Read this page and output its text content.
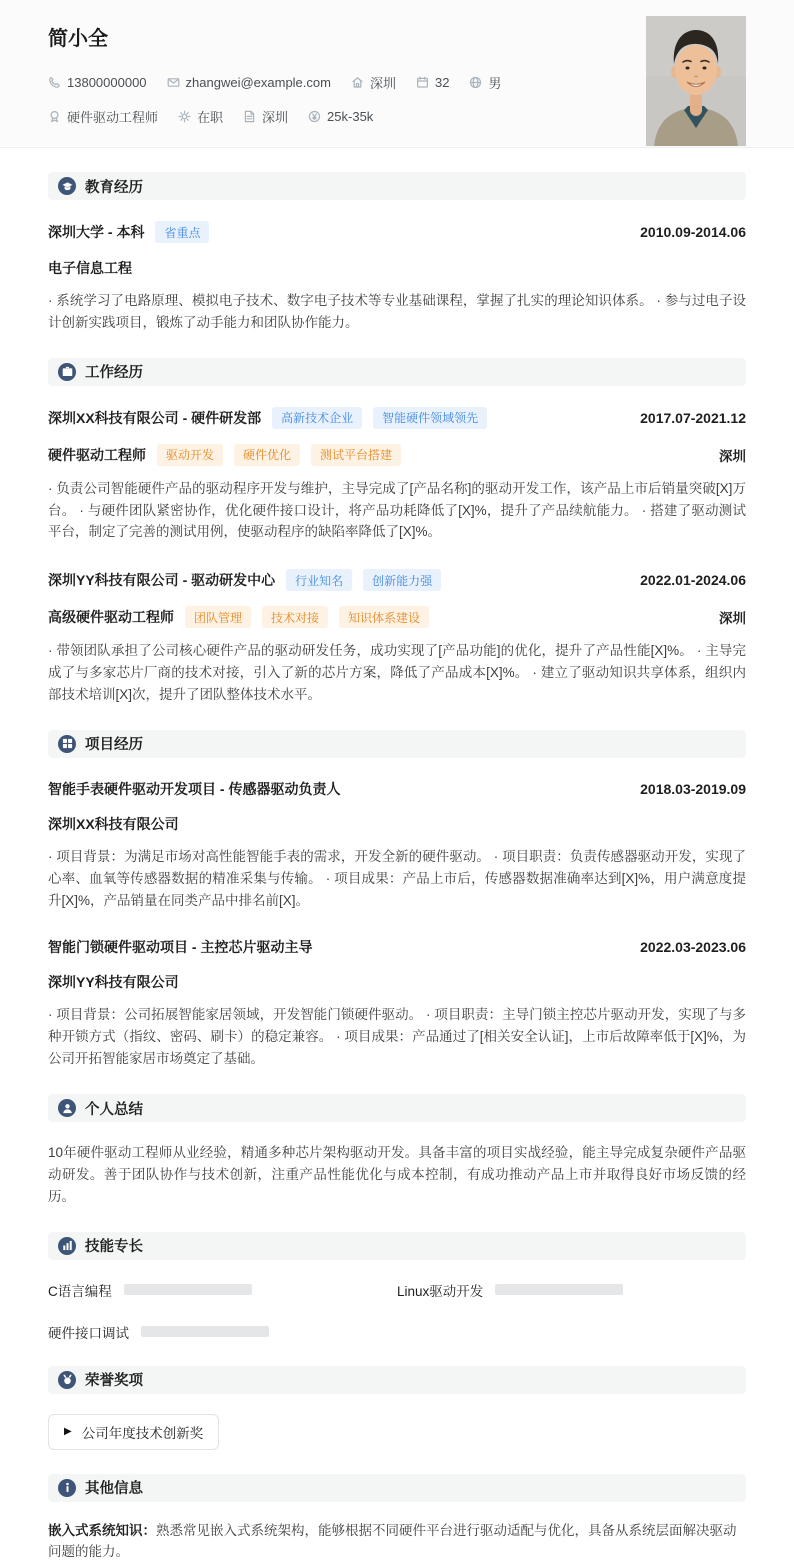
简小全
13800000000	zhangwei@example.com	深圳	32	男
硬件驱动工程师	在职	深圳	25k-35k
教育经历
深圳大学 - 本科	省重点	2010.09-2014.06
电子信息工程
· 系统学习了电路原理、模拟电子技术、数字电子技术等专业基础课程，掌握了扎实的理论知识体系。 · 参与过电子设计创新实践项目，锻炼了动手能力和团队协作能力。
工作经历
深圳XX科技有限公司 - 硬件研发部	高新技术企业	智能硬件领域领先	2017.07-2021.12
硬件驱动工程师	驱动开发	硬件优化	测试平台搭建	深圳
· 负责公司智能硬件产品的驱动程序开发与维护，主导完成了[产品名称]的驱动开发工作，该产品上市后销量突破[X]万台。 · 与硬件团队紧密协作，优化硬件接口设计，将产品功耗降低了[X]%，提升了产品续航能力。 · 搭建了驱动测试平台，制定了完善的测试用例，使驱动程序的缺陷率降低了[X]%。
深圳YY科技有限公司 - 驱动研发中心	行业知名	创新能力强	2022.01-2024.06
高级硬件驱动工程师	团队管理	技术对接	知识体系建设	深圳
· 带领团队承担了公司核心硬件产品的驱动研发任务，成功实现了[产品功能]的优化，提升了产品性能[X]%。 · 主导完成了与多家芯片厂商的技术对接，引入了新的芯片方案，降低了产品成本[X]%。 · 建立了驱动知识共享体系，组织内部技术培训[X]次，提升了团队整体技术水平。
项目经历
智能手表硬件驱动开发项目 - 传感器驱动负责人	2018.03-2019.09
深圳XX科技有限公司
· 项目背景：为满足市场对高性能智能手表的需求，开发全新的硬件驱动。 · 项目职责：负责传感器驱动开发，实现了心率、血氧等传感器数据的精准采集与传输。 · 项目成果：产品上市后，传感器数据准确率达到[X]%，用户满意度提升[X]%，产品销量在同类产品中排名前[X]。
智能门锁硬件驱动项目 - 主控芯片驱动主导	2022.03-2023.06
深圳YY科技有限公司
· 项目背景：公司拓展智能家居领域，开发智能门锁硬件驱动。 · 项目职责：主导门锁主控芯片驱动开发，实现了与多种开锁方式（指纹、密码、刷卡）的稳定兼容。 · 项目成果：产品通过了[相关安全认证]，上市后故障率低于[X]%，为公司开拓智能家居市场奠定了基础。
个人总结
10年硬件驱动工程师从业经验，精通多种芯片架构驱动开发。具备丰富的项目实战经验，能主导完成复杂硬件产品驱动研发。善于团队协作与技术创新，注重产品性能优化与成本控制，有成功推动产品上市并取得良好市场反馈的经历。
技能专长
C语言编程	Linux驱动开发
硬件接口调试
荣誉奖项
▶ 公司年度技术创新奖
其他信息
嵌入式系统知识：熟悉常见嵌入式系统架构，能够根据不同硬件平台进行驱动适配与优化，具备从系统层面解决驱动问题的能力。
